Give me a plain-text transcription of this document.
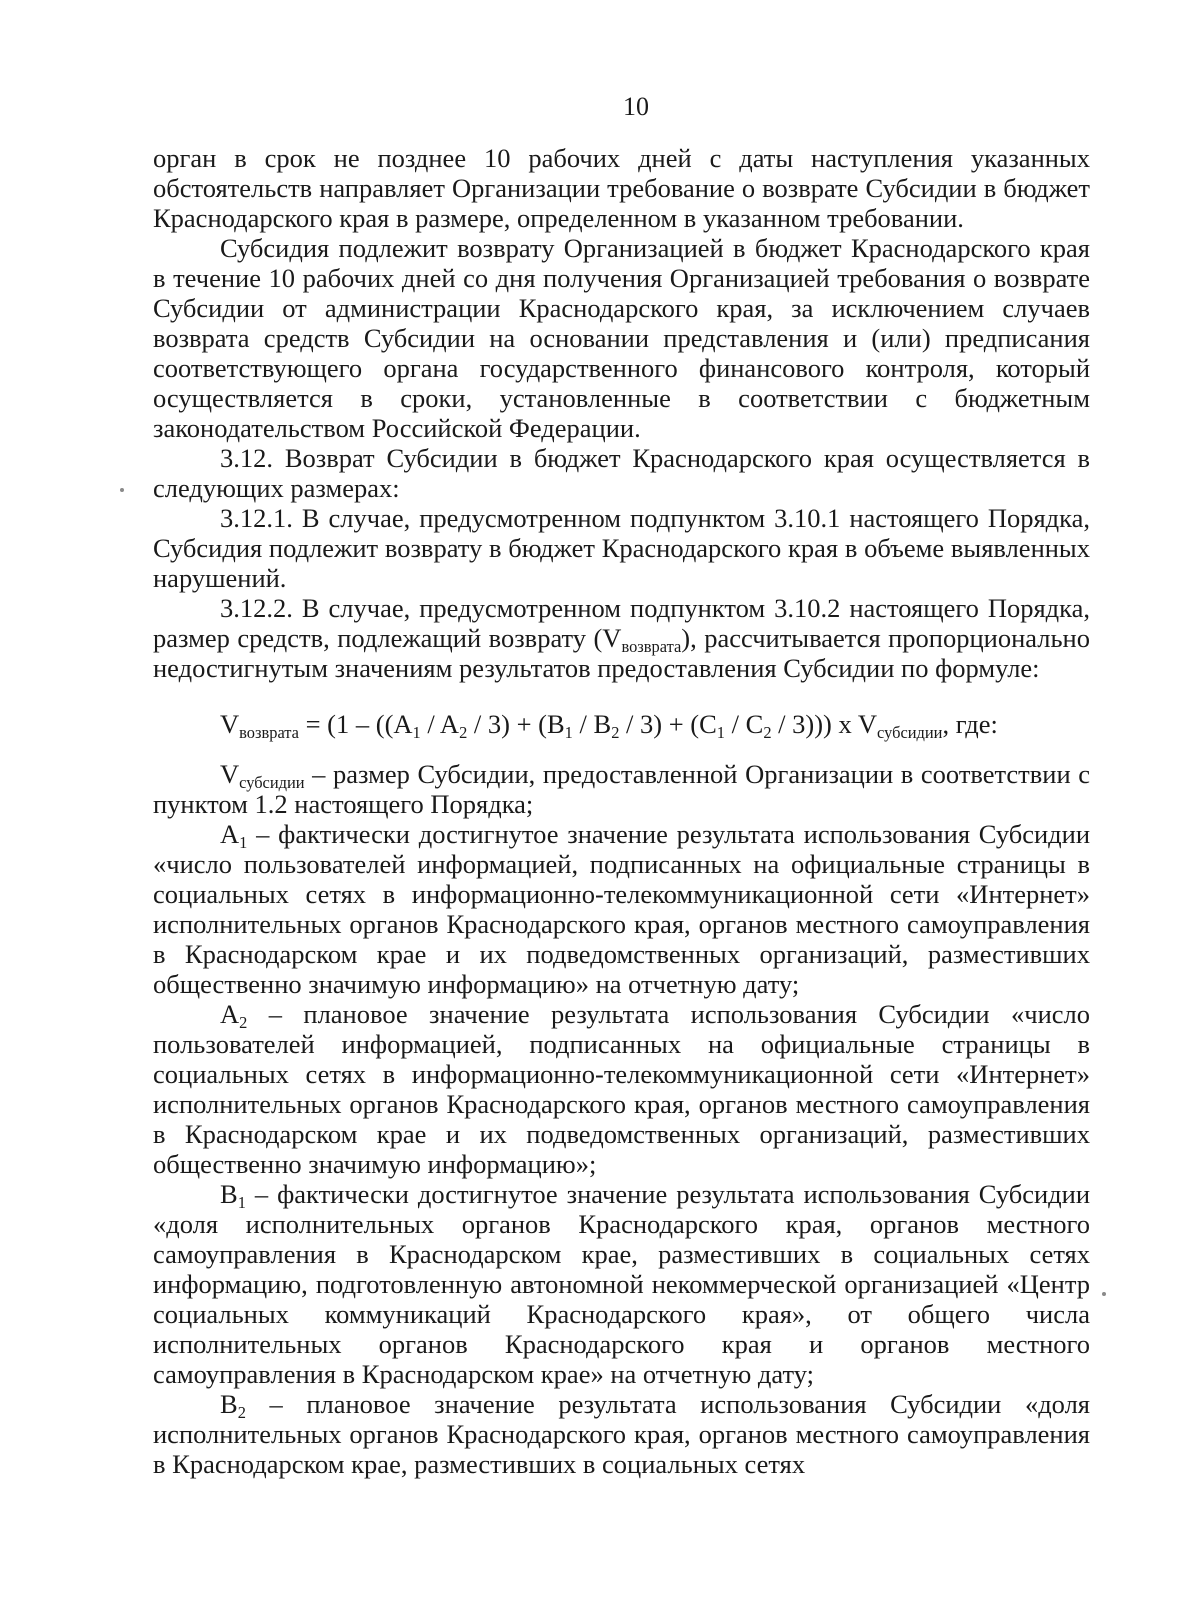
10

орган в срок не позднее 10 рабочих дней с даты наступления указанных обстоятельств направляет Организации требование о возврате Субсидии в бюджет Краснодарского края в размере, определенном в указанном требовании.

Субсидия подлежит возврату Организацией в бюджет Краснодарского края в течение 10 рабочих дней со дня получения Организацией требования о возврате Субсидии от администрации Краснодарского края, за исключением случаев возврата средств Субсидии на основании представления и (или) предписания соответствующего органа государственного финансового контроля, который осуществляется в сроки, установленные в соответствии с бюджетным законодательством Российской Федерации.

3.12. Возврат Субсидии в бюджет Краснодарского края осуществляется в следующих размерах:

3.12.1. В случае, предусмотренном подпунктом 3.10.1 настоящего Порядка, Субсидия подлежит возврату в бюджет Краснодарского края в объеме выявленных нарушений.

3.12.2. В случае, предусмотренном подпунктом 3.10.2 настоящего Порядка, размер средств, подлежащий возврату $(V_{возврата})$, рассчитывается пропорционально недостигнутым значениям результатов предоставления Субсидии по формуле:

$V_{возврата} = (1 - ((A_1 / A_2 / 3) + (B_1 / B_2 / 3) + (C_1 / C_2 / 3)))$ x $V_{субсидии}$, где:

$V_{субсидии}$ – размер Субсидии, предоставленной Организации в соответствии с пунктом 1.2 настоящего Порядка;

$A_1$ – фактически достигнутое значение результата использования Субсидии «число пользователей информацией, подписанных на официальные страницы в социальных сетях в информационно-телекоммуникационной сети «Интернет» исполнительных органов Краснодарского края, органов местного самоуправления в Краснодарском крае и их подведомственных организаций, разместивших общественно значимую информацию» на отчетную дату;

$A_2$ – плановое значение результата использования Субсидии «число пользователей информацией, подписанных на официальные страницы в социальных сетях в информационно-телекоммуникационной сети «Интернет» исполнительных органов Краснодарского края, органов местного самоуправления в Краснодарском крае и их подведомственных организаций, разместивших общественно значимую информацию»;

$B_1$ – фактически достигнутое значение результата использования Субсидии «доля исполнительных органов Краснодарского края, органов местного самоуправления в Краснодарском крае, разместивших в социальных сетях информацию, подготовленную автономной некоммерческой организацией «Центр социальных коммуникаций Краснодарского края», от общего числа исполнительных органов Краснодарского края и органов местного самоуправления в Краснодарском крае» на отчетную дату;

$B_2$ – плановое значение результата использования Субсидии «доля исполнительных органов Краснодарского края, органов местного самоуправления в Краснодарском крае, разместивших в социальных сетях
